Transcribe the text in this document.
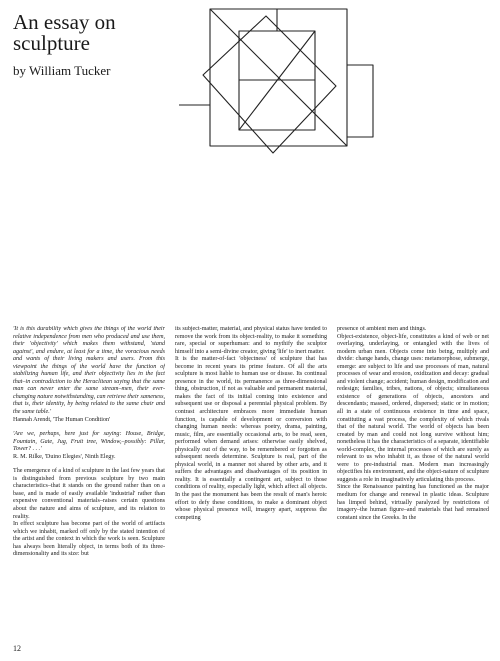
An essay on sculpture

by William Tucker

'It is this durability which gives the things of the world their relative independence from men who produced and use them, their 'objectivity' which makes them withstand, 'stand against', and endure, at least for a time, the voracious needs and wants of their living makers and users. From this viewpoint the things of the world have the function of stabilizing human life, and their objectivity lies in the fact that–in contradiction to the Heraclitean saying that the same man can never enter the same stream–men, their ever-changing nature notwithstanding, can retrieve their sameness, that is, their identity, by being related to the same chair and the same table.'

Hannah Arendt, 'The Human Condition'

'Are we, perhaps, here just for saying: House, Bridge, Fountain, Gate, Jug, Fruit tree, Window,–possibly: Pillar, Tower? . . .'

R. M. Rilke, 'Duino Elegies', Ninth Elegy.

The emergence of a kind of sculpture in the last few years that is distinguished from previous sculpture by two main characteristics–that it stands on the ground rather than on a base, and is made of easily available 'industrial' rather than expensive conventional materials–raises certain questions about the nature and aims of sculpture, and its relation to reality.

In effect sculpture has become part of the world of artifacts which we inhabit, marked off only by the stated intention of the artist and the context in which the work is seen. Sculpture has always been literally object, in terms both of its three-dimensionality and its size: but

its subject-matter, material, and physical status have tended to remove the work from its object-reality, to make it something rare, special or superhuman: and to mythify the sculptor himself into a semi-divine creator, giving 'life' to inert matter.

It is the matter-of-fact 'objectness' of sculpture that has become in recent years its prime feature. Of all the arts sculpture is most liable to human use or disuse. Its continual presence in the world, its permanence as three-dimensional thing, obstruction, if not as valuable and permanent material, makes the fact of its initial coming into existence and subsequent use or disposal a perennial physical problem. By contrast architecture embraces more immediate human function, is capable of development or conversion with changing human needs: whereas poetry, drama, painting, music, film, are essentially occasional arts, to be read, seen, performed when demand arises: otherwise easily shelved, physically out of the way, to be remembered or forgotten as subsequent needs determine. Sculpture is real, part of the physical world, in a manner not shared by other arts, and it suffers the advantages and disadvantages of its position in reality. It is essentially a contingent art, subject to those conditions of reality, especially light, which affect all objects. In the past the monument has been the result of man's heroic effort to defy these conditions, to make a dominant object whose physical presence will, imagery apart, suppress the competing

presence of ambient men and things.

Object-existence, object-life, constitutes a kind of web or net overlaying, underlaying, or entangled with the lives of modern urban men. Objects come into being, multiply and divide: change hands, change uses: metamorphose, submerge, emerge: are subject to life and use processes of man, natural processes of wear and erosion, oxidization and decay: gradual and violent change; accident; human design, modification and redesign; families, tribes, nations, of objects; simultaneous existence of generations of objects, ancestors and descendants; massed, ordered, dispersed; static or in motion; all in a state of continuous existence in time and space, constituting a vast process, the complexity of which rivals that of the natural world. The world of objects has been created by man and could not long survive without him; nonetheless it has the characteristics of a separate, identifiable world-complex, the internal processes of which are surely as relevant to us who inhabit it, as those of the natural world were to pre-industrial man. Modern man increasingly objectifies his environment, and the object-nature of sculpture suggests a role in imaginatively articulating this process.

Since the Renaissance painting has functioned as the major medium for change and renewal in plastic ideas. Sculpture has limped behind, virtually paralyzed by restrictions of imagery–the human figure–and materials that had remained constant since the Greeks. In the

12
